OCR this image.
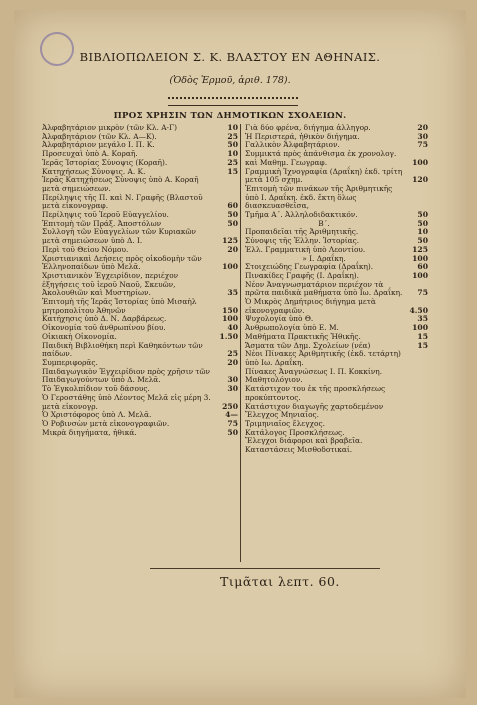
ΒΙΒΛΙΟΠΩΛΕΙΟΝ Σ. Κ. ΒΛΑΣΤΟΥ ΕΝ ΑΘΗΝΑΙΣ.
(Ὁδὸς Ἑρμοῦ, ἀριθ. 178).
ΠΡΟΣ ΧΡΗΣΙΝ ΤΩΝ ΔΗΜΟΤΙΚΩΝ ΣΧΟΛΕΙΩΝ.
Ἀλφαβητάριον μικρὸν (τῶν Κλ. Α-Γ)	10
Ἀλφαβητάριον (τῶν Κλ. Α—Κ).	25
Ἀλφαβητάριον μεγάλο Ι. Π. Κ.	50
Προσευχαὶ ὑπὸ Α. Κοραῆ.	10
Ἱερᾶς Ἱστορίας Σύνοψις (Κοραῆ).	25
Κατηχήσεως Σύνοψις. Α. Κ.	15
Ἱερᾶς Κατηχήσεως Σύνοψις ὑπὸ Α. Κοραῆ μετὰ σημειώσεων.
Περίληψις τῆς Π. καὶ Ν. Γραφῆς (Βλαστοῦ μετὰ εἰκονογραφ.	60
Περίληψις τοῦ Ἱεροῦ Εὐαγγελίου.	50
Ἐπιτομὴ τῶν Πράξ. Ἀποστόλων	50
Συλλογὴ τῶν Εὐαγγελίων τῶν Κυριακῶν μετὰ σημειώσεων ὑπὸ Δ. Ι.	125
Περὶ τοῦ Θείου Νόμου.	20
Χριστιανικαὶ Δεήσεις πρὸς οἰκοδομὴν τῶν Ἑλληνοπαίδων ὑπὸ Μελᾶ.	100
Χριστιανικὸν Ἐγχειρίδιον, περιέχον ἐξηγήσεις τοῦ ἱεροῦ Ναοῦ, Σκευῶν, Ἀκολουθιῶν καὶ Μυστηρίων.	35
Ἐπιτομὴ τῆς Ἱερᾶς Ἱστορίας ὑπὸ Μισαὴλ μητροπολίτου Ἀθηνῶν	150
Κατήχησις ὑπὸ Δ. Ν. Δαρβάρεως.	100
Οἰκονομία τοῦ ἀνθρωπίνου βίου.	40
Οἰκιακὴ Οἰκονομία.	1.50
Παιδικὴ Βιβλιοθήκη περὶ Καθηκόντων τῶν παίδων.	25
Συμπεριφορᾶς.	20
Παιδαγωγικὸν Ἐγχειρίδιον πρὸς χρῆσιν τῶν Παιδαγωγούντων ὑπὸ Δ. Μελᾶ.	30
Τὸ Ἐγκολπίδιον τοῦ δάσους.	30
Ὁ Γεροστάθης ὑπὸ Λέοντος Μελᾶ εἰς μέρη 3. μετὰ εἰκονογρ.	250
Ὁ Χριστόφορος ὑπὸ Λ. Μελᾶ.	4—
Ὁ Ροβινσὼν μετὰ εἰκονογραφιῶν.	75
Μικρὰ διηγήματα, ἠθικά.	50
Γιὰ δύο φρένα, διήγημα ἀλληγορ.	20
Ἡ Περιστερά, ἠθικὸν διήγημα.	30
Γαλλικὸν Ἀλφαβητάριον.	75
Συμμικτά πρὸς ἀπάνθισμα ἐκ χρονολογ. καὶ Μαθημ. Γεωγραφ.	100
Γραμμικὴ Ἰχνογραφία (Δραΐκη) ἐκδ. τρίτη μετὰ 105 σχημ.	120
Ἐπιτομὴ τῶν πινάκων τῆς Ἀριθμητικῆς ὑπὸ Ι. Δραΐκη. ἐκδ. ἕκτη ὅλως διασκευασθεῖσα,
Τμῆμα Α΄. Ἀλληλοδιδακτικόν.	50
Β΄.	50
Προπαιδεῖαι τῆς Ἀριθμητικῆς.	10
Σύνοψις τῆς Ἑλλην. Ἱστορίας.	50
Ἑλλ. Γραμματικὴ ὑπὸ Λεοντίου.	125
» Ι. Δραΐκη.	100
Στοιχειώδης Γεωγραφία (Δραΐκη).	60
Πινακίδες Γραφῆς (Ι. Δραΐκη).	100
Νέον Ἀναγνωσματάριον περιέχον τὰ πρῶτα παιδικὰ μαθήματα ὑπὸ Ιω. Δραΐκη.	75
Ὁ Μικρὸς Δημήτριος διήγημα μετὰ εἰκονογραφιῶν.	4.50
Ψυχολογία ὑπὸ Θ.	35
Ἀνθρωπολογία ὑπὸ Ε. Μ.	100
Μαθήματα Πρακτικῆς Ἠθικῆς.	15
Ἄσματα τῶν Δημ. Σχολείων (νέα)	15
Νέοι Πίνακες Ἀριθμητικῆς (ἐκδ. τετάρτη) ὑπὸ Ιω. Δραΐκη.
Πίνακες Ἀναγνώσεως Ι. Π. Κοκκίνη.
Μαθητολόγιον.
Κατάστιχον του ἐκ τῆς προσκλήσεως προκύπτοντος.
Κατάστιχον διαγωγῆς χαρτοδεμένον
Ἔλεγχος Μηνιαῖος.
Τριμηνιαῖος ἔλεγχος.
Κατάλογος Προσκλήσεως.
Ἔλεγχοι διάφοροι καὶ βραβεῖα.
Καταστάσεις Μισθοδοτικαί.
Τιμᾶται λεπτ. 60.
